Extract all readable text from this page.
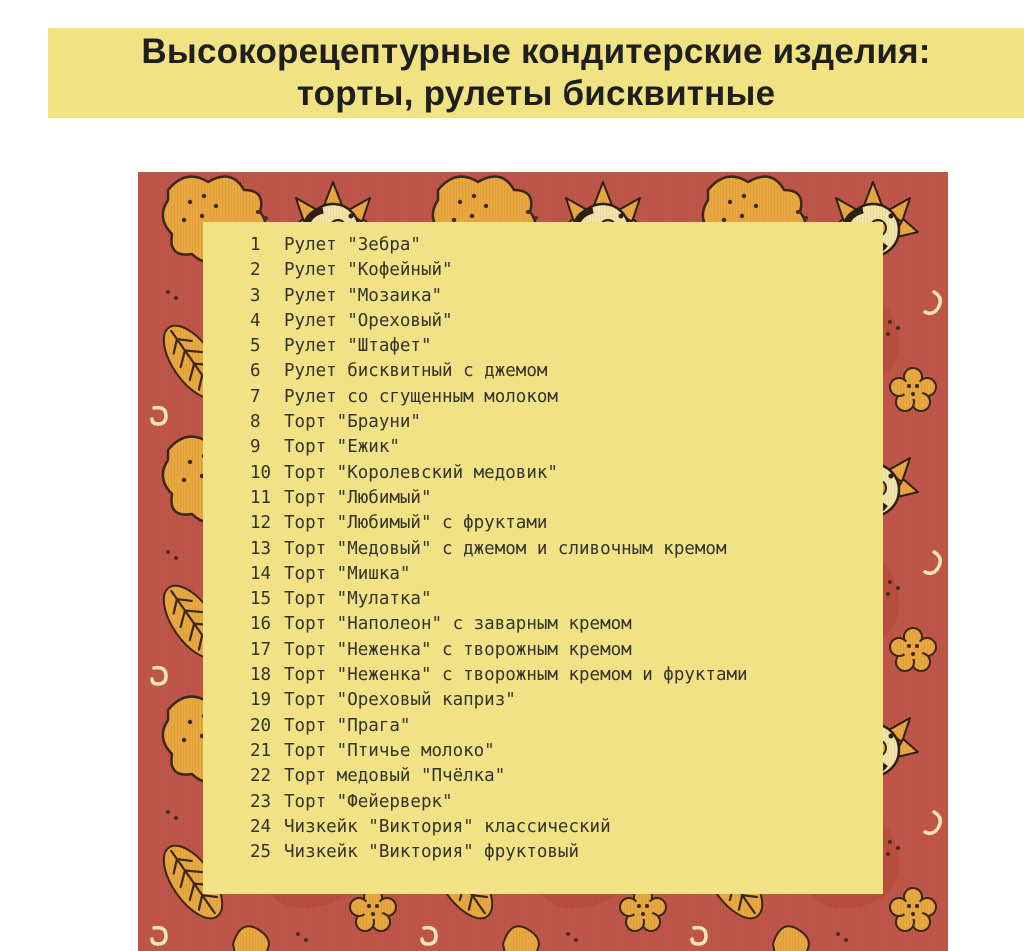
Высокорецептурные кондитерские изделия:
торты, рулеты бисквитные
1	Рулет "Зебра"
2	Рулет "Кофейный"
3	Рулет "Мозаика"
4	Рулет "Ореховый"
5	Рулет "Штафет"
6	Рулет бисквитный с джемом
7	Рулет со сгущенным молоком
8	Торт "Брауни"
9	Торт "Ежик"
10 Торт "Королевский медовик"
11 Торт "Любимый"
12 Торт "Любимый" с фруктами
13 Торт "Медовый" с джемом и сливочным кремом
14 Торт "Мишка"
15 Торт "Мулатка"
16 Торт "Наполеон" с заварным кремом
17 Торт "Неженка" с творожным кремом
18 Торт "Неженка" с творожным кремом и фруктами
19 Торт "Ореховый каприз"
20 Торт "Прага"
21 Торт "Птичье молоко"
22 Торт медовый "Пчёлка"
23 Торт "Фейерверк"
24 Чизкейк "Виктория" классический
25 Чизкейк "Виктория" фруктовый
